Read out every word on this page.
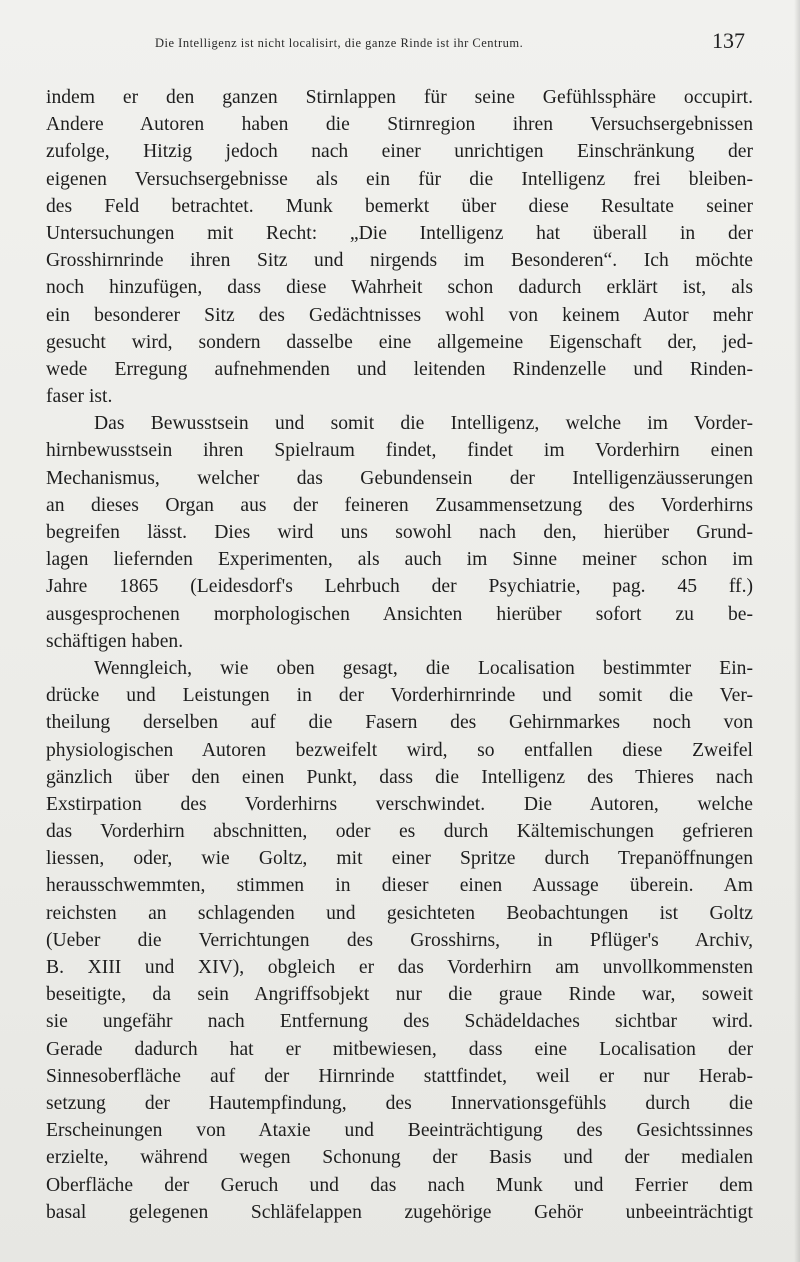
Die Intelligenz ist nicht localisirt, die ganze Rinde ist ihr Centrum.	137
indem er den ganzen Stirnlappen für seine Gefühlssphäre occupirt.
Andere Autoren haben die Stirnregion ihren Versuchsergebnissen
zufolge, Hitzig jedoch nach einer unrichtigen Einschränkung der
eigenen Versuchsergebnisse als ein für die Intelligenz frei bleiben-
des Feld betrachtet. Munk bemerkt über diese Resultate seiner
Untersuchungen mit Recht: „Die Intelligenz hat überall in der
Grosshirnrinde ihren Sitz und nirgends im Besonderen“. Ich möchte
noch hinzufügen, dass diese Wahrheit schon dadurch erklärt ist, als
ein besonderer Sitz des Gedächtnisses wohl von keinem Autor mehr
gesucht wird, sondern dasselbe eine allgemeine Eigenschaft der, jed-
wede Erregung aufnehmenden und leitenden Rindenzelle und Rinden-
faser ist.
Das Bewusstsein und somit die Intelligenz, welche im Vorder-
hirnbewusstsein ihren Spielraum findet, findet im Vorderhirn einen
Mechanismus, welcher das Gebundensein der Intelligenzäusserungen
an dieses Organ aus der feineren Zusammensetzung des Vorderhirns
begreifen lässt. Dies wird uns sowohl nach den, hierüber Grund-
lagen liefernden Experimenten, als auch im Sinne meiner schon im
Jahre 1865 (Leidesdorf's Lehrbuch der Psychiatrie, pag. 45 ff.)
ausgesprochenen morphologischen Ansichten hierüber sofort zu be-
schäftigen haben.
Wenngleich, wie oben gesagt, die Localisation bestimmter Ein-
drücke und Leistungen in der Vorderhirnrinde und somit die Ver-
theilung derselben auf die Fasern des Gehirnmarkes noch von
physiologischen Autoren bezweifelt wird, so entfallen diese Zweifel
gänzlich über den einen Punkt, dass die Intelligenz des Thieres nach
Exstirpation des Vorderhirns verschwindet. Die Autoren, welche
das Vorderhirn abschnitten, oder es durch Kältemischungen gefrieren
liessen, oder, wie Goltz, mit einer Spritze durch Trepanöffnungen
herausschwemmten, stimmen in dieser einen Aussage überein. Am
reichsten an schlagenden und gesichteten Beobachtungen ist Goltz
(Ueber die Verrichtungen des Grosshirns, in Pflüger's Archiv,
B. XIII und XIV), obgleich er das Vorderhirn am unvollkommensten
beseitigte, da sein Angriffsobjekt nur die graue Rinde war, soweit
sie ungefähr nach Entfernung des Schädeldaches sichtbar wird.
Gerade dadurch hat er mitbewiesen, dass eine Localisation der
Sinnesoberfläche auf der Hirnrinde stattfindet, weil er nur Herab-
setzung der Hautempfindung, des Innervationsgefühls durch die
Erscheinungen von Ataxie und Beeinträchtigung des Gesichtssinnes
erzielte, während wegen Schonung der Basis und der medialen
Oberfläche der Geruch und das nach Munk und Ferrier dem
basal gelegenen Schläfelappen zugehörige Gehör unbeeinträchtigt
